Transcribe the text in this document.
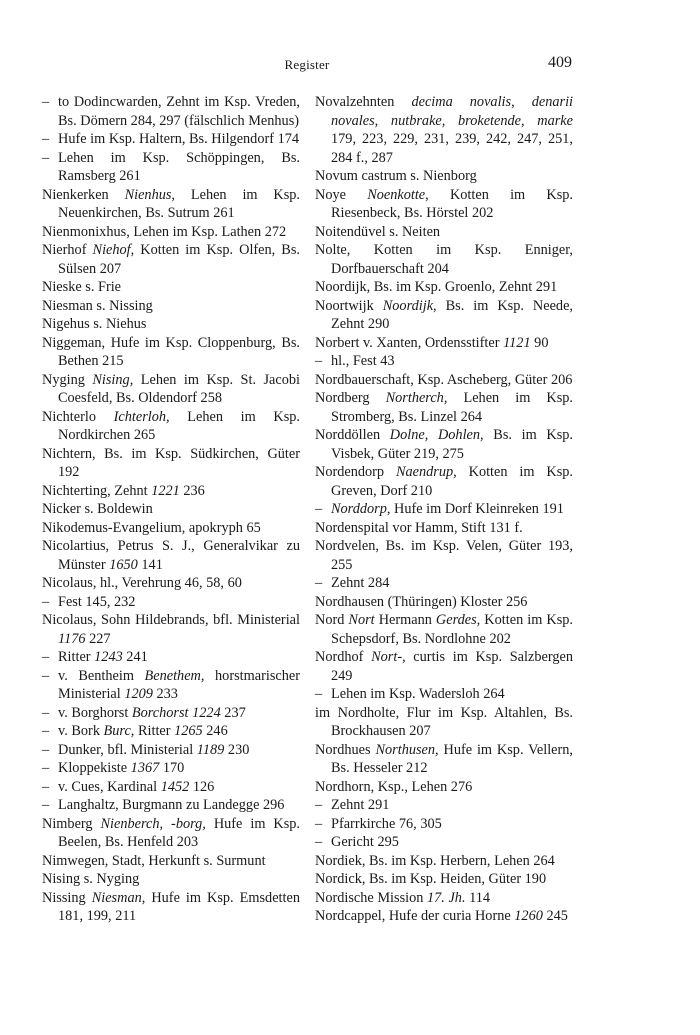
Register	409

– to Dodincwarden, Zehnt im Ksp. Vreden, Bs. Dömern 284, 297 (fälschlich Menhus)

– Hufe im Ksp. Haltern, Bs. Hilgendorf 174

– Lehen im Ksp. Schöppingen, Bs. Ramsberg 261

Nienkerken Nienhus, Lehen im Ksp. Neuenkirchen, Bs. Sutrum 261

Nienmonixhus, Lehen im Ksp. Lathen 272

Nierhof Niehof, Kotten im Ksp. Olfen, Bs. Sülsen 207

Nieske s. Frie

Niesman s. Nissing

Nigehus s. Niehus

Niggeman, Hufe im Ksp. Cloppenburg, Bs. Bethen 215

Nyging Nising, Lehen im Ksp. St. Jacobi Coesfeld, Bs. Oldendorf 258

Nichterlo Ichterloh, Lehen im Ksp. Nordkirchen 265

Nichtern, Bs. im Ksp. Südkirchen, Güter 192

Nichterting, Zehnt 1221 236

Nicker s. Boldewin

Nikodemus-Evangelium, apokryph 65

Nicolartius, Petrus S. J., Generalvikar zu Münster 1650 141

Nicolaus, hl., Verehrung 46, 58, 60

– Fest 145, 232

Nicolaus, Sohn Hildebrands, bfl. Ministerial 1176 227

– Ritter 1243 241

– v. Bentheim Benethem, horstmarischer Ministerial 1209 233

– v. Borghorst Borchorst 1224 237

– v. Bork Burc, Ritter 1265 246

– Dunker, bfl. Ministerial 1189 230

– Kloppekiste 1367 170

– v. Cues, Kardinal 1452 126

– Langhaltz, Burgmann zu Landegge 296

Nimberg Nienberch, -borg, Hufe im Ksp. Beelen, Bs. Henfeld 203

Nimwegen, Stadt, Herkunft s. Surmunt

Nising s. Nyging

Nissing Niesman, Hufe im Ksp. Emsdetten 181, 199, 211

Novalzehnten decima novalis, denarii novales, nutbrake, broketende, marke 179, 223, 229, 231, 239, 242, 247, 251, 284 f., 287

Novum castrum s. Nienborg

Noye Noenkotte, Kotten im Ksp. Riesenbeck, Bs. Hörstel 202

Noitendüvel s. Neiten

Nolte, Kotten im Ksp. Enniger, Dorfbauerschaft 204

Noordijk, Bs. im Ksp. Groenlo, Zehnt 291

Noortwijk Noordijk, Bs. im Ksp. Neede, Zehnt 290

Norbert v. Xanten, Ordensstifter 1121 90

– hl., Fest 43

Nordbauerschaft, Ksp. Ascheberg, Güter 206

Nordberg Northerch, Lehen im Ksp. Stromberg, Bs. Linzel 264

Norddöllen Dolne, Dohlen, Bs. im Ksp. Visbek, Güter 219, 275

Nordendorp Naendrup, Kotten im Ksp. Greven, Dorf 210

– Norddorp, Hufe im Dorf Kleinreken 191

Nordenspital vor Hamm, Stift 131 f.

Nordvelen, Bs. im Ksp. Velen, Güter 193, 255

– Zehnt 284

Nordhausen (Thüringen) Kloster 256

Nord Nort Hermann Gerdes, Kotten im Ksp. Schepsdorf, Bs. Nordlohne 202

Nordhof Nort-, curtis im Ksp. Salzbergen 249

– Lehen im Ksp. Wadersloh 264

im Nordholte, Flur im Ksp. Altahlen, Bs. Brockhausen 207

Nordhues Northusen, Hufe im Ksp. Vellern, Bs. Hesseler 212

Nordhorn, Ksp., Lehen 276

– Zehnt 291

– Pfarrkirche 76, 305

– Gericht 295

Nordiek, Bs. im Ksp. Herbern, Lehen 264

Nordick, Bs. im Ksp. Heiden, Güter 190

Nordische Mission 17. Jh. 114

Nordcappel, Hufe der curia Horne 1260 245
